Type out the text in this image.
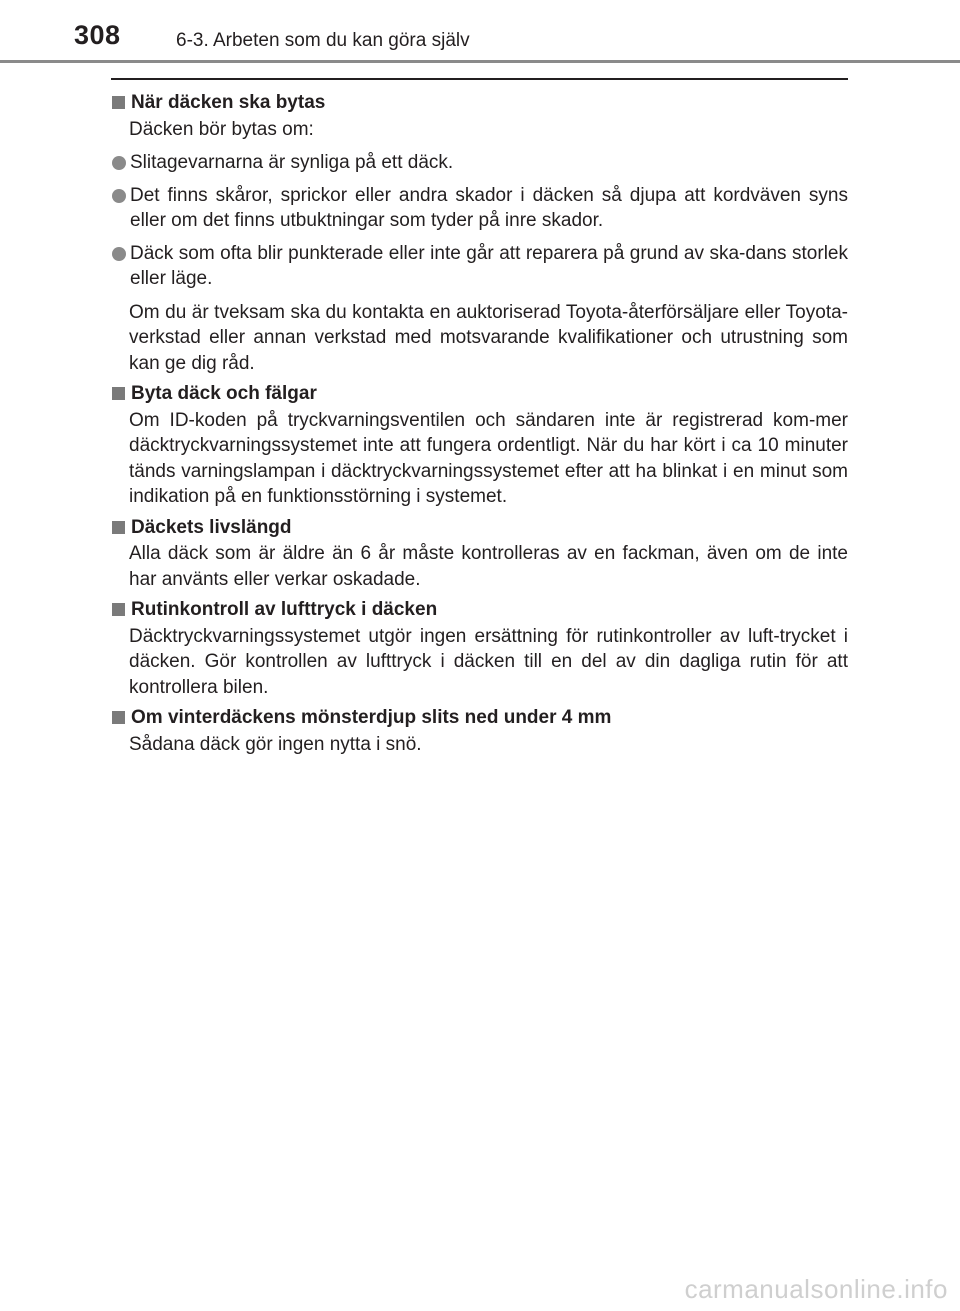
308	6-3. Arbeten som du kan göra själv
När däcken ska bytas
Däcken bör bytas om:
Slitagevarnarna är synliga på ett däck.
Det finns skåror, sprickor eller andra skador i däcken så djupa att kordväven syns eller om det finns utbuktningar som tyder på inre skador.
Däck som ofta blir punkterade eller inte går att reparera på grund av ska-dans storlek eller läge.
Om du är tveksam ska du kontakta en auktoriserad Toyota-återförsäljare eller Toyota-verkstad eller annan verkstad med motsvarande kvalifikationer och utrustning som kan ge dig råd.
Byta däck och fälgar
Om ID-koden på tryckvarningsventilen och sändaren inte är registrerad kom-mer däcktryckvarningssystemet inte att fungera ordentligt. När du har kört i ca 10 minuter tänds varningslampan i däcktryckvarningssystemet efter att ha blinkat i en minut som indikation på en funktionsstörning i systemet.
Däckets livslängd
Alla däck som är äldre än 6 år måste kontrolleras av en fackman, även om de inte har använts eller verkar oskadade.
Rutinkontroll av lufttryck i däcken
Däcktryckvarningssystemet utgör ingen ersättning för rutinkontroller av luft-trycket i däcken. Gör kontrollen av lufttryck i däcken till en del av din dagliga rutin för att kontrollera bilen.
Om vinterdäckens mönsterdjup slits ned under 4 mm
Sådana däck gör ingen nytta i snö.
carmanualsonline.info
